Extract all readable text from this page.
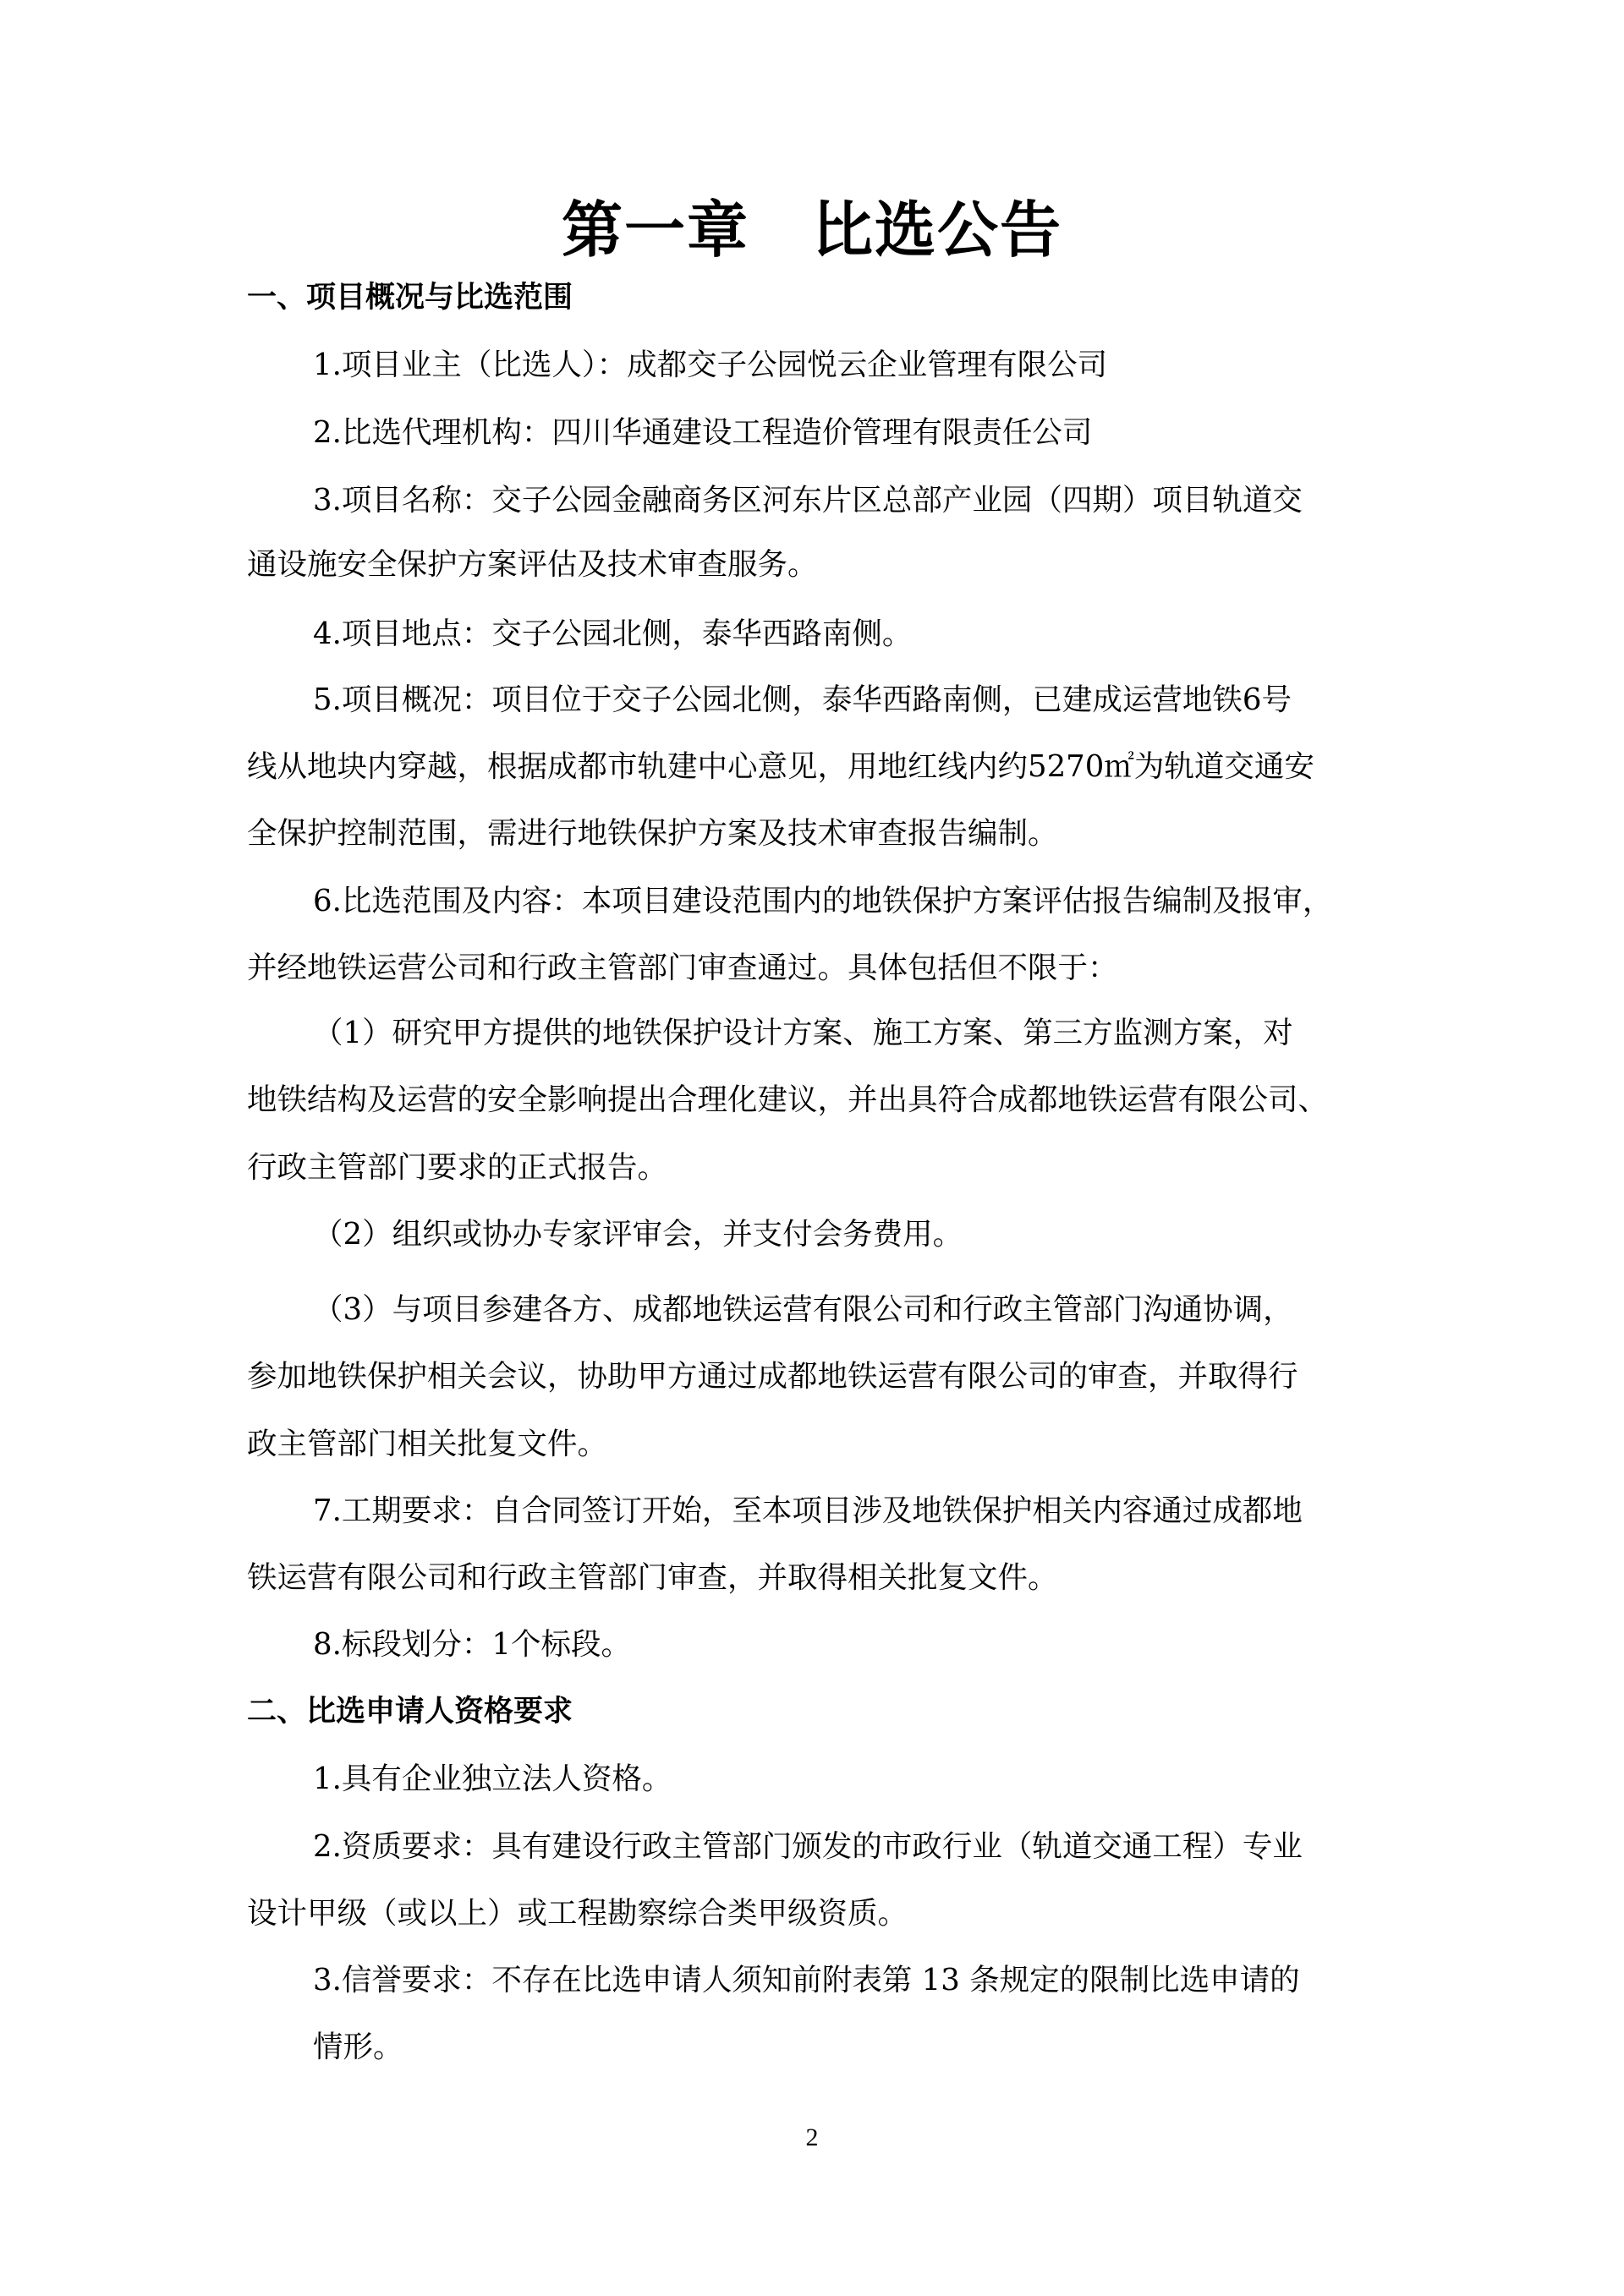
第一章　比选公告
一、项目概况与比选范围
1.项目业主（比选人）：成都交子公园悦云企业管理有限公司
2.比选代理机构：四川华通建设工程造价管理有限责任公司
3.项目名称：交子公园金融商务区河东片区总部产业园（四期）项目轨道交
通设施安全保护方案评估及技术审查服务。
4.项目地点：交子公园北侧，泰华西路南侧。
5.项目概况：项目位于交子公园北侧，泰华西路南侧，已建成运营地铁6号
线从地块内穿越，根据成都市轨建中心意见，用地红线内约5270㎡为轨道交通安
全保护控制范围，需进行地铁保护方案及技术审查报告编制。
6.比选范围及内容：本项目建设范围内的地铁保护方案评估报告编制及报审，
并经地铁运营公司和行政主管部门审查通过。具体包括但不限于：
（1）研究甲方提供的地铁保护设计方案、施工方案、第三方监测方案，对
地铁结构及运营的安全影响提出合理化建议，并出具符合成都地铁运营有限公司、
行政主管部门要求的正式报告。
（2）组织或协办专家评审会，并支付会务费用。
（3）与项目参建各方、成都地铁运营有限公司和行政主管部门沟通协调，
参加地铁保护相关会议，协助甲方通过成都地铁运营有限公司的审查，并取得行
政主管部门相关批复文件。
7.工期要求：自合同签订开始，至本项目涉及地铁保护相关内容通过成都地
铁运营有限公司和行政主管部门审查，并取得相关批复文件。
8.标段划分：1个标段。
二、比选申请人资格要求
1.具有企业独立法人资格。
2.资质要求：具有建设行政主管部门颁发的市政行业（轨道交通工程）专业
设计甲级（或以上）或工程勘察综合类甲级资质。
3.信誉要求：不存在比选申请人须知前附表第 13 条规定的限制比选申请的
情形。
2
